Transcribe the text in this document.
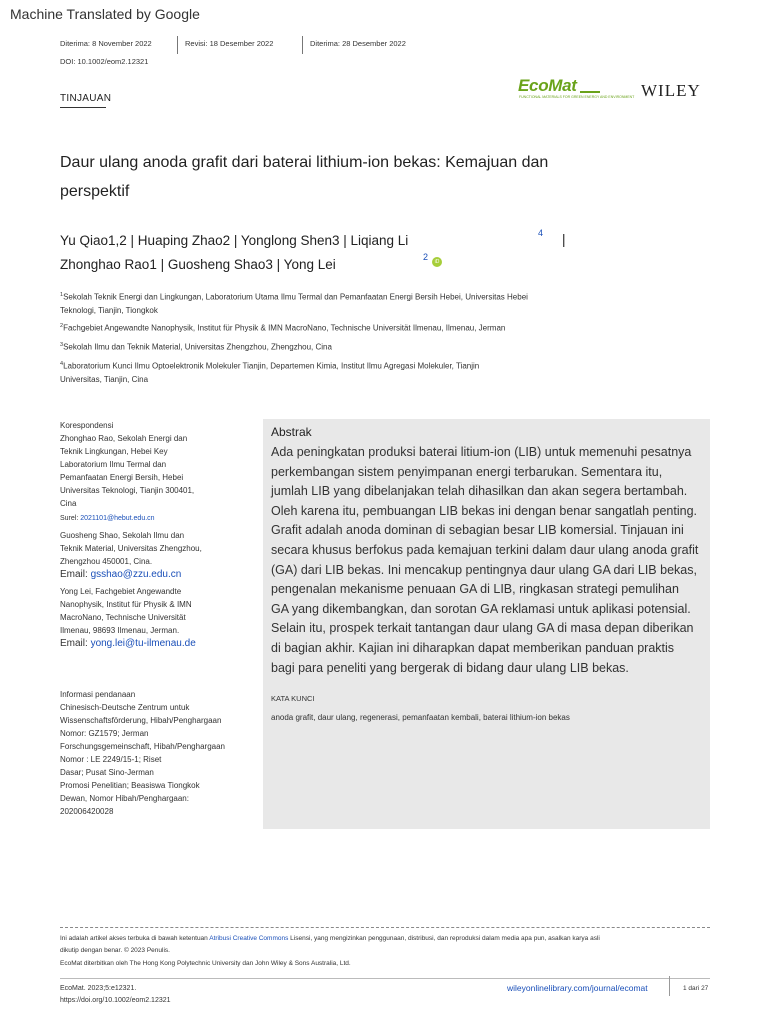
Machine Translated by Google
Diterima: 8 November 2022	Revisi: 18 Desember 2022	Diterima: 28 Desember 2022
DOI: 10.1002/eom2.12321
TINJAUAN
EcoMat
FUNCTIONAL MATERIALS FOR GREEN ENERGY AND ENVIRONMENT WILEY
Daur ulang anoda grafit dari baterai lithium-ion bekas: Kemajuan dan
perspektif
Yu Qiao1,2 | Huaping Zhao2 | Yonglong Shen3 | Liqiang Li
Zhonghao Rao1 | Guosheng Shao3 | Yong Lei
4 |
2	iD
$^1$Sekolah Teknik Energi dan Lingkungan, Laboratorium Utama Ilmu Termal dan Pemanfaatan Energi Bersih Hebei, Universitas Hebei
Teknologi, Tianjin, Tiongkok
$^2$Fachgebiet Angewandte Nanophysik, Institut für Physik & IMN MacroNano, Technische Universität Ilmenau, Ilmenau, Jerman
$^3$Sekolah Ilmu dan Teknik Material, Universitas Zhengzhou, Zhengzhou, Cina
$^4$Laboratorium Kunci Ilmu Optoelektronik Molekuler Tianjin, Departemen Kimia, Institut Ilmu Agregasi Molekuler, Tianjin
Universitas, Tianjin, Cina
Korespondensi
Zhonghao Rao, Sekolah Energi dan
Teknik Lingkungan, Hebei Key
Laboratorium Ilmu Termal dan
Pemanfaatan Energi Bersih, Hebei
Universitas Teknologi, Tianjin 300401,
Cina
Surel: 2021101@hebut.edu.cn
Guosheng Shao, Sekolah Ilmu dan
Teknik Material, Universitas Zhengzhou,
Zhengzhou 450001, Cina.
Email: gsshao@zzu.edu.cn
Yong Lei, Fachgebiet Angewandte
Nanophysik, Institut für Physik & IMN
MacroNano, Technische Universität
Ilmenau, 98693 Ilmenau, Jerman.
Email: yong.lei@tu-ilmenau.de
Informasi pendanaan
Chinesisch-Deutsche Zentrum untuk
Wissenschaftsförderung, Hibah/Penghargaan
Nomor: GZ1579; Jerman
Forschungsgemeinschaft, Hibah/Penghargaan
Nomor : LE 2249/15-1; Riset
Dasar; Pusat Sino-Jerman
Promosi Penelitian; Beasiswa Tiongkok
Dewan, Nomor Hibah/Penghargaan:
202006420028
Abstrak
Ada peningkatan produksi baterai litium-ion (LIB) untuk memenuhi pesatnya
perkembangan sistem penyimpanan energi terbarukan. Sementara itu,
jumlah LIB yang dibelanjakan telah dihasilkan dan akan segera bertambah.
Oleh karena itu, pembuangan LIB bekas ini dengan benar sangatlah penting.
Grafit adalah anoda dominan di sebagian besar LIB komersial. Tinjauan ini
secara khusus berfokus pada kemajuan terkini dalam daur ulang anoda grafit
(GA) dari LIB bekas. Ini mencakup pentingnya daur ulang GA dari LIB bekas,
pengenalan mekanisme penuaan GA di LIB, ringkasan strategi pemulihan
GA yang dikembangkan, dan sorotan GA reklamasi untuk aplikasi potensial.
Selain itu, prospek terkait tantangan daur ulang GA di masa depan diberikan
di bagian akhir. Kajian ini diharapkan dapat memberikan panduan praktis
bagi para peneliti yang bergerak di bidang daur ulang LIB bekas.
KATA KUNCI
anoda grafit, daur ulang, regenerasi, pemanfaatan kembali, baterai lithium-ion bekas
Ini adalah artikel akses terbuka di bawah ketentuan Atribusi Creative Commons Lisensi, yang mengizinkan penggunaan, distribusi, dan reproduksi dalam media apa pun, asalkan karya asli
dikutip dengan benar. © 2023 Penulis.
EcoMat diterbitkan oleh The Hong Kong Polytechnic University dan John Wiley & Sons Australia, Ltd.
EcoMat. 2023;5:e12321.
https://doi.org/10.1002/eom2.12321
wileyonlinelibrary.com/journal/ecomat	1 dari 27
